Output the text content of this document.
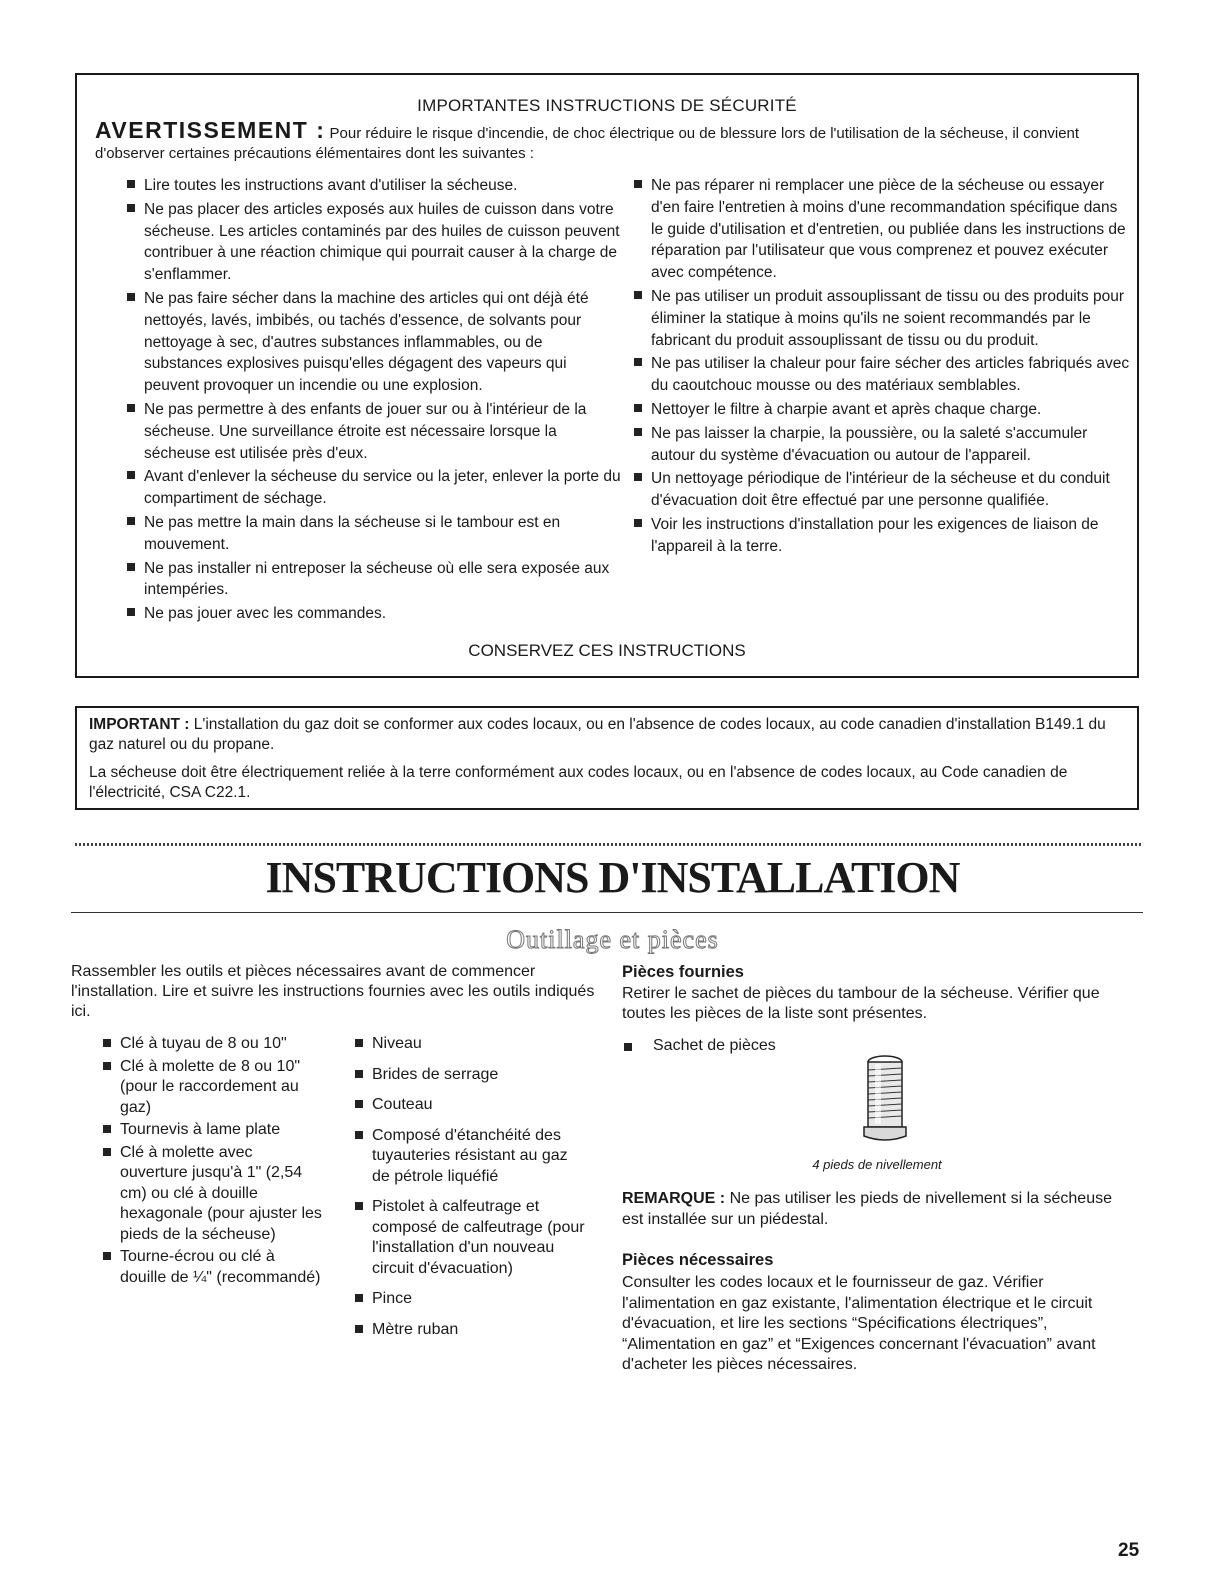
IMPORTANTES INSTRUCTIONS DE SÉCURITÉ
AVERTISSEMENT : Pour réduire le risque d'incendie, de choc électrique ou de blessure lors de l'utilisation de la sécheuse, il convient d'observer certaines précautions élémentaires dont les suivantes :
Lire toutes les instructions avant d'utiliser la sécheuse.
Ne pas placer des articles exposés aux huiles de cuisson dans votre sécheuse. Les articles contaminés par des huiles de cuisson peuvent contribuer à une réaction chimique qui pourrait causer à la charge de s'enflammer.
Ne pas faire sécher dans la machine des articles qui ont déjà été nettoyés, lavés, imbibés, ou tachés d'essence, de solvants pour nettoyage à sec, d'autres substances inflammables, ou de substances explosives puisqu'elles dégagent des vapeurs qui peuvent provoquer un incendie ou une explosion.
Ne pas permettre à des enfants de jouer sur ou à l'intérieur de la sécheuse. Une surveillance étroite est nécessaire lorsque la sécheuse est utilisée près d'eux.
Avant d'enlever la sécheuse du service ou la jeter, enlever la porte du compartiment de séchage.
Ne pas mettre la main dans la sécheuse si le tambour est en mouvement.
Ne pas installer ni entreposer la sécheuse où elle sera exposée aux intempéries.
Ne pas jouer avec les commandes.
Ne pas réparer ni remplacer une pièce de la sécheuse ou essayer d'en faire l'entretien à moins d'une recommandation spécifique dans le guide d'utilisation et d'entretien, ou publiée dans les instructions de réparation par l'utilisateur que vous comprenez et pouvez exécuter avec compétence.
Ne pas utiliser un produit assouplissant de tissu ou des produits pour éliminer la statique à moins qu'ils ne soient recommandés par le fabricant du produit assouplissant de tissu ou du produit.
Ne pas utiliser la chaleur pour faire sécher des articles fabriqués avec du caoutchouc mousse ou des matériaux semblables.
Nettoyer le filtre à charpie avant et après chaque charge.
Ne pas laisser la charpie, la poussière, ou la saleté s'accumuler autour du système d'évacuation ou autour de l'appareil.
Un nettoyage périodique de l'intérieur de la sécheuse et du conduit d'évacuation doit être effectué par une personne qualifiée.
Voir les instructions d'installation pour les exigences de liaison de l'appareil à la terre.
CONSERVEZ CES INSTRUCTIONS
IMPORTANT : L'installation du gaz doit se conformer aux codes locaux, ou en l'absence de codes locaux, au code canadien d'installation B149.1 du gaz naturel ou du propane.
La sécheuse doit être électriquement reliée à la terre conformément aux codes locaux, ou en l'absence de codes locaux, au Code canadien de l'électricité, CSA C22.1.
INSTRUCTIONS D'INSTALLATION
Outillage et pièces
Rassembler les outils et pièces nécessaires avant de commencer l'installation. Lire et suivre les instructions fournies avec les outils indiqués ici.
Clé à tuyau de 8 ou 10"
Clé à molette de 8 ou 10" (pour le raccordement au gaz)
Tournevis à lame plate
Clé à molette avec ouverture jusqu'à 1" (2,54 cm) ou clé à douille hexagonale (pour ajuster les pieds de la sécheuse)
Tourne-écrou ou clé à douille de ¼" (recommandé)
Niveau
Brides de serrage
Couteau
Composé d'étanchéité des tuyauteries résistant au gaz de pétrole liquéfié
Pistolet à calfeutrage et composé de calfeutrage (pour l'installation d'un nouveau circuit d'évacuation)
Pince
Mètre ruban
Pièces fournies
Retirer le sachet de pièces du tambour de la sécheuse. Vérifier que toutes les pièces de la liste sont présentes.
Sachet de pièces
4 pieds de nivellement
REMARQUE : Ne pas utiliser les pieds de nivellement si la sécheuse est installée sur un piédestal.
Pièces nécessaires
Consulter les codes locaux et le fournisseur de gaz. Vérifier l'alimentation en gaz existante, l'alimentation électrique et le circuit d'évacuation, et lire les sections “Spécifications électriques”, “Alimentation en gaz” et “Exigences concernant l'évacuation” avant d'acheter les pièces nécessaires.
25
